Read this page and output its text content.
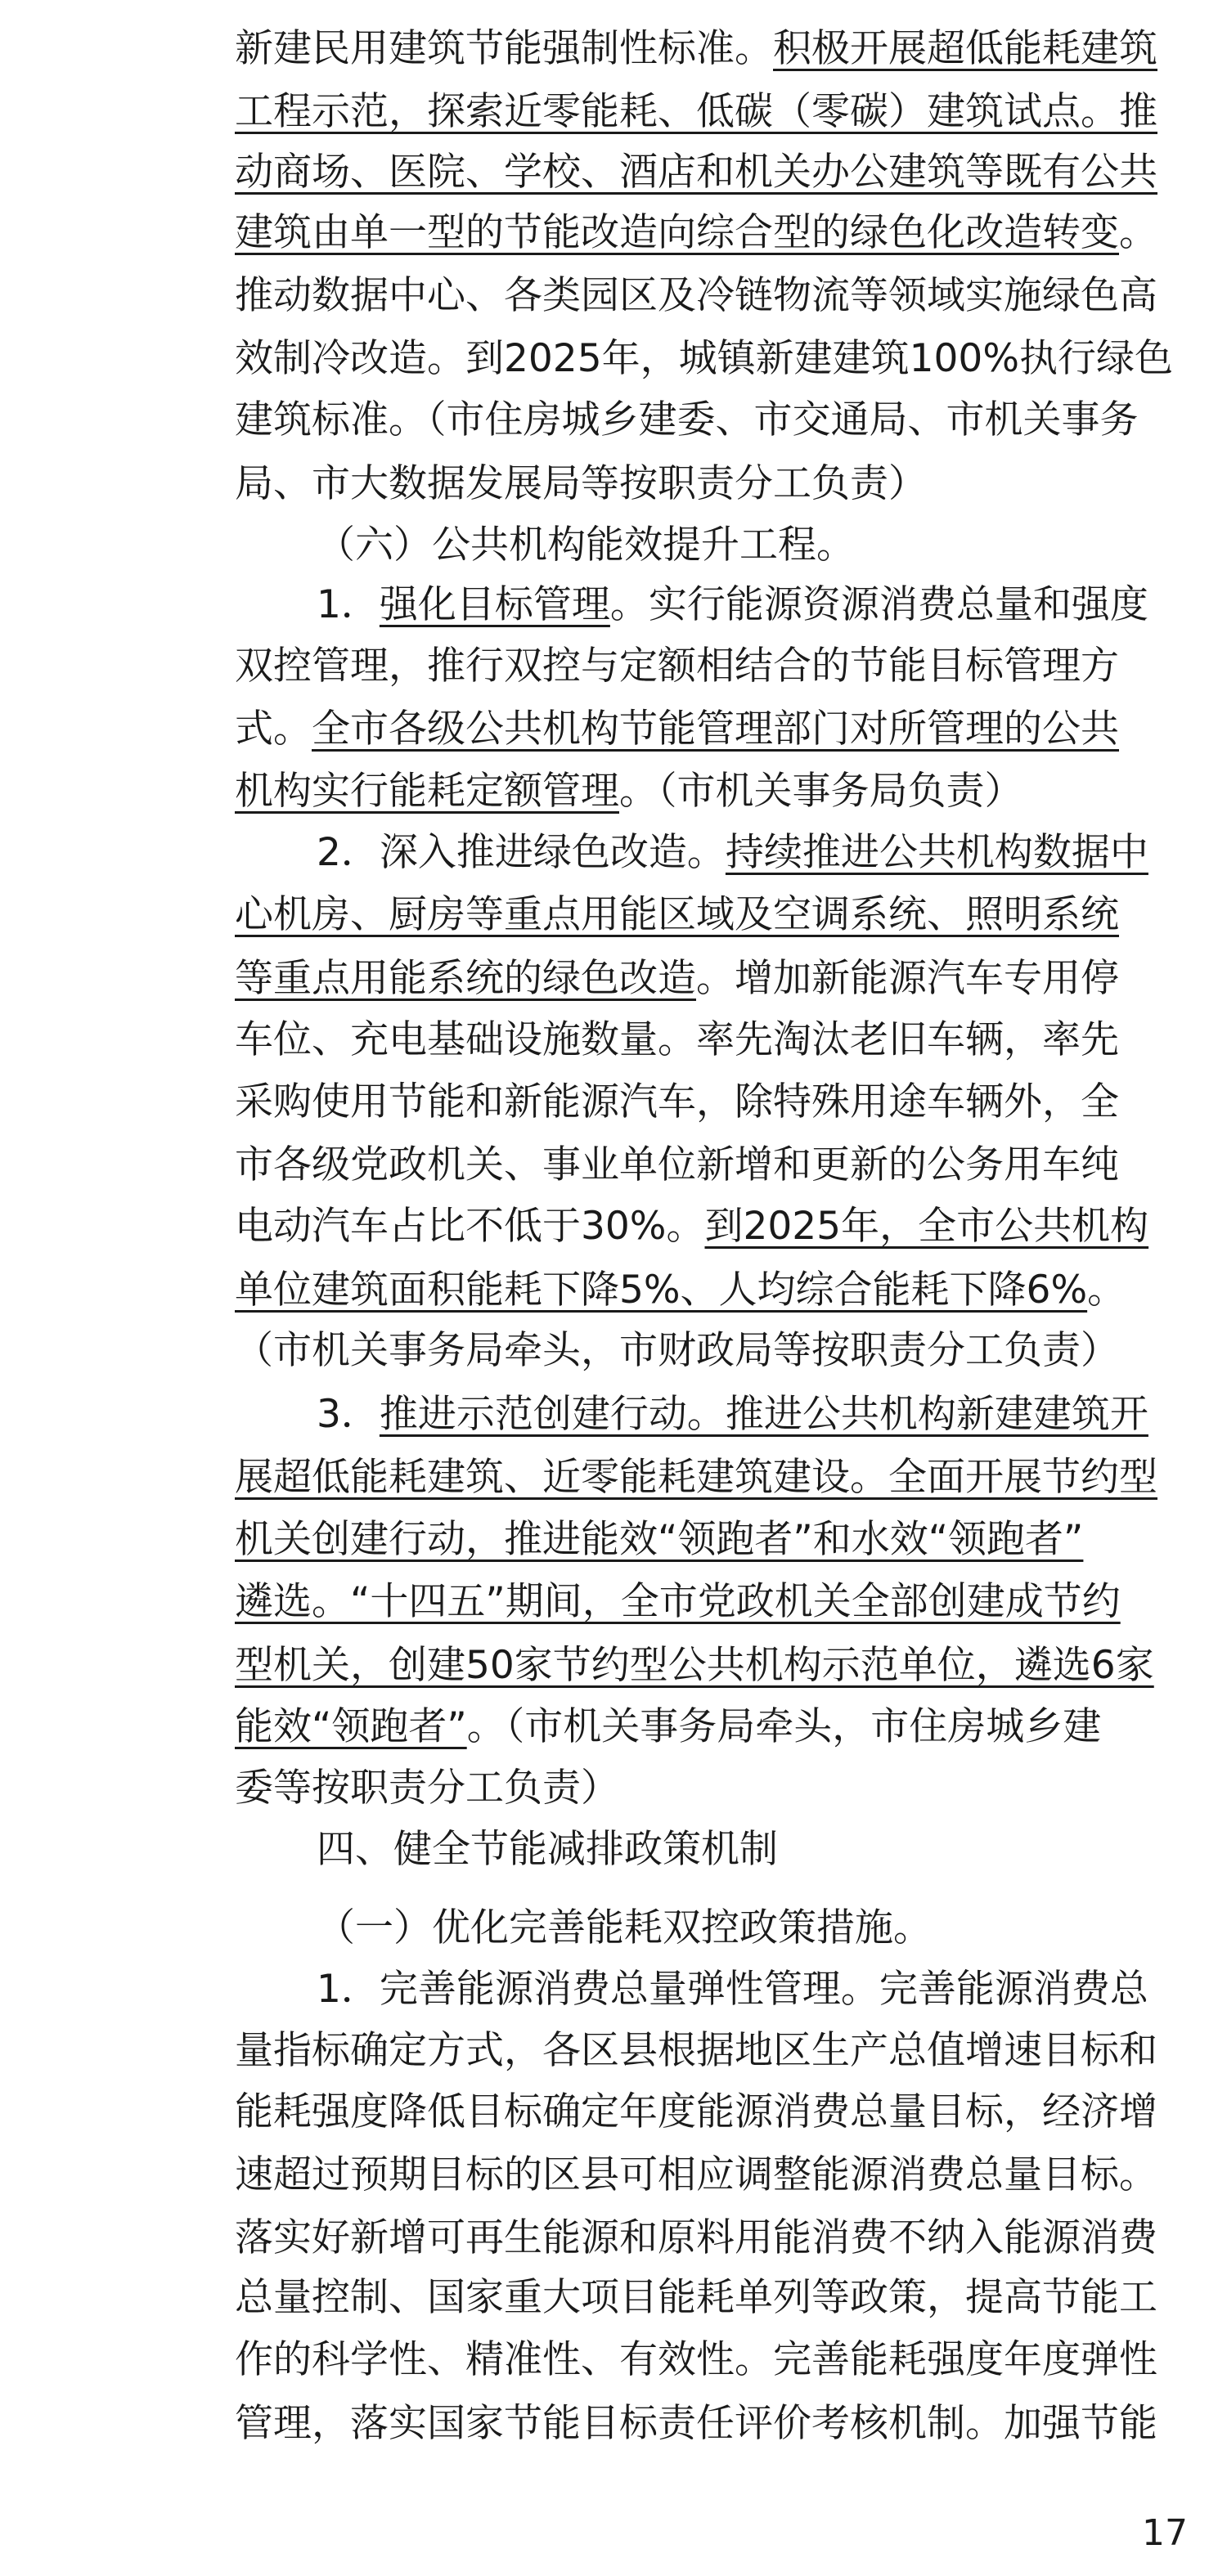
新建民用建筑节能强制性标准。积极开展超低能耗建筑
工程示范，探索近零能耗、低碳（零碳）建筑试点。推
动商场、医院、学校、酒店和机关办公建筑等既有公共
建筑由单一型的节能改造向综合型的绿色化改造转变。
推动数据中心、各类园区及冷链物流等领域实施绿色高
效制冷改造。到2025年，城镇新建建筑100%执行绿色
建筑标准。（市住房城乡建委、市交通局、市机关事务
局、市大数据发展局等按职责分工负责）
（六）公共机构能效提升工程。
1．强化目标管理。实行能源资源消费总量和强度
双控管理，推行双控与定额相结合的节能目标管理方
式。全市各级公共机构节能管理部门对所管理的公共
机构实行能耗定额管理。（市机关事务局负责）
2．深入推进绿色改造。持续推进公共机构数据中
心机房、厨房等重点用能区域及空调系统、照明系统
等重点用能系统的绿色改造。增加新能源汽车专用停
车位、充电基础设施数量。率先淘汰老旧车辆，率先
采购使用节能和新能源汽车，除特殊用途车辆外，全
市各级党政机关、事业单位新增和更新的公务用车纯
电动汽车占比不低于30%。到2025年，全市公共机构
单位建筑面积能耗下降5%、人均综合能耗下降6%。
（市机关事务局牵头，市财政局等按职责分工负责）
3．推进示范创建行动。推进公共机构新建建筑开
展超低能耗建筑、近零能耗建筑建设。全面开展节约型
机关创建行动，推进能效“领跑者”和水效“领跑者”
遴选。“十四五”期间，全市党政机关全部创建成节约
型机关，创建50家节约型公共机构示范单位，遴选6家
能效“领跑者”。（市机关事务局牵头，市住房城乡建
委等按职责分工负责）
四、健全节能减排政策机制
（一）优化完善能耗双控政策措施。
1．完善能源消费总量弹性管理。完善能源消费总
量指标确定方式，各区县根据地区生产总值增速目标和
能耗强度降低目标确定年度能源消费总量目标，经济增
速超过预期目标的区县可相应调整能源消费总量目标。
落实好新增可再生能源和原料用能消费不纳入能源消费
总量控制、国家重大项目能耗单列等政策，提高节能工
作的科学性、精准性、有效性。完善能耗强度年度弹性
管理，落实国家节能目标责任评价考核机制。加强节能
17
